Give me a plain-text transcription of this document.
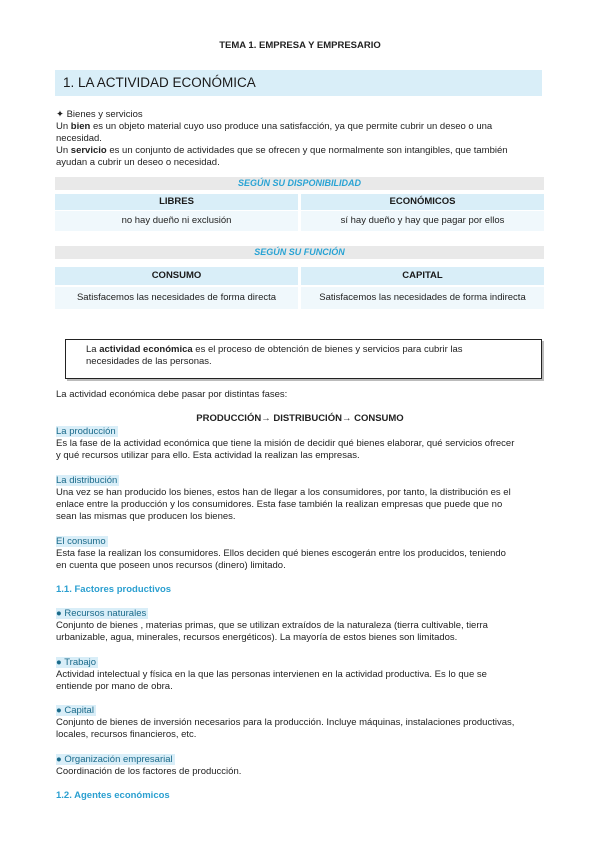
TEMA 1. EMPRESA Y EMPRESARIO
1. LA ACTIVIDAD ECONÓMICA
✦ Bienes y servicios
Un bien es un objeto material cuyo uso produce una satisfacción, ya que permite cubrir un deseo o una
necesidad.
Un servicio es un conjunto de actividades que se ofrecen y que normalmente son intangibles, que también
ayudan a cubrir un deseo o necesidad.
SEGÚN SU DISPONIBILIDAD
LIBRES	ECONÓMICOS
no hay dueño ni exclusión	sí hay dueño y hay que pagar por ellos
SEGÚN SU FUNCIÓN
CONSUMO	CAPITAL
Satisfacemos las necesidades de forma directa	Satisfacemos las necesidades de forma indirecta

La actividad económica es el proceso de obtención de bienes y servicios para cubrir las
necesidades de las personas.

La actividad económica debe pasar por distintas fases:
PRODUCCIÓN→ DISTRIBUCIÓN→ CONSUMO
La producción
Es la fase de la actividad económica que tiene la misión de decidir qué bienes elaborar, qué servicios ofrecer
y qué recursos utilizar para ello. Esta actividad la realizan las empresas.
La distribución
Una vez se han producido los bienes, estos han de llegar a los consumidores, por tanto, la distribución es el
enlace entre la producción y los consumidores. Esta fase también la realizan empresas que puede que no
sean las mismas que producen los bienes.
El consumo
Esta fase la realizan los consumidores. Ellos deciden qué bienes escogerán entre los producidos, teniendo
en cuenta que poseen unos recursos (dinero) limitado.
1.1. Factores productivos
● Recursos naturales
Conjunto de bienes , materias primas, que se utilizan extraídos de la naturaleza (tierra cultivable, tierra
urbanizable, agua, minerales, recursos energéticos). La mayoría de estos bienes son limitados.
● Trabajo
Actividad intelectual y física en la que las personas intervienen en la actividad productiva. Es lo que se
entiende por mano de obra.
● Capital
Conjunto de bienes de inversión necesarios para la producción. Incluye máquinas, instalaciones productivas,
locales, recursos financieros, etc.
● Organización empresarial
Coordinación de los factores de producción.
1.2. Agentes económicos
